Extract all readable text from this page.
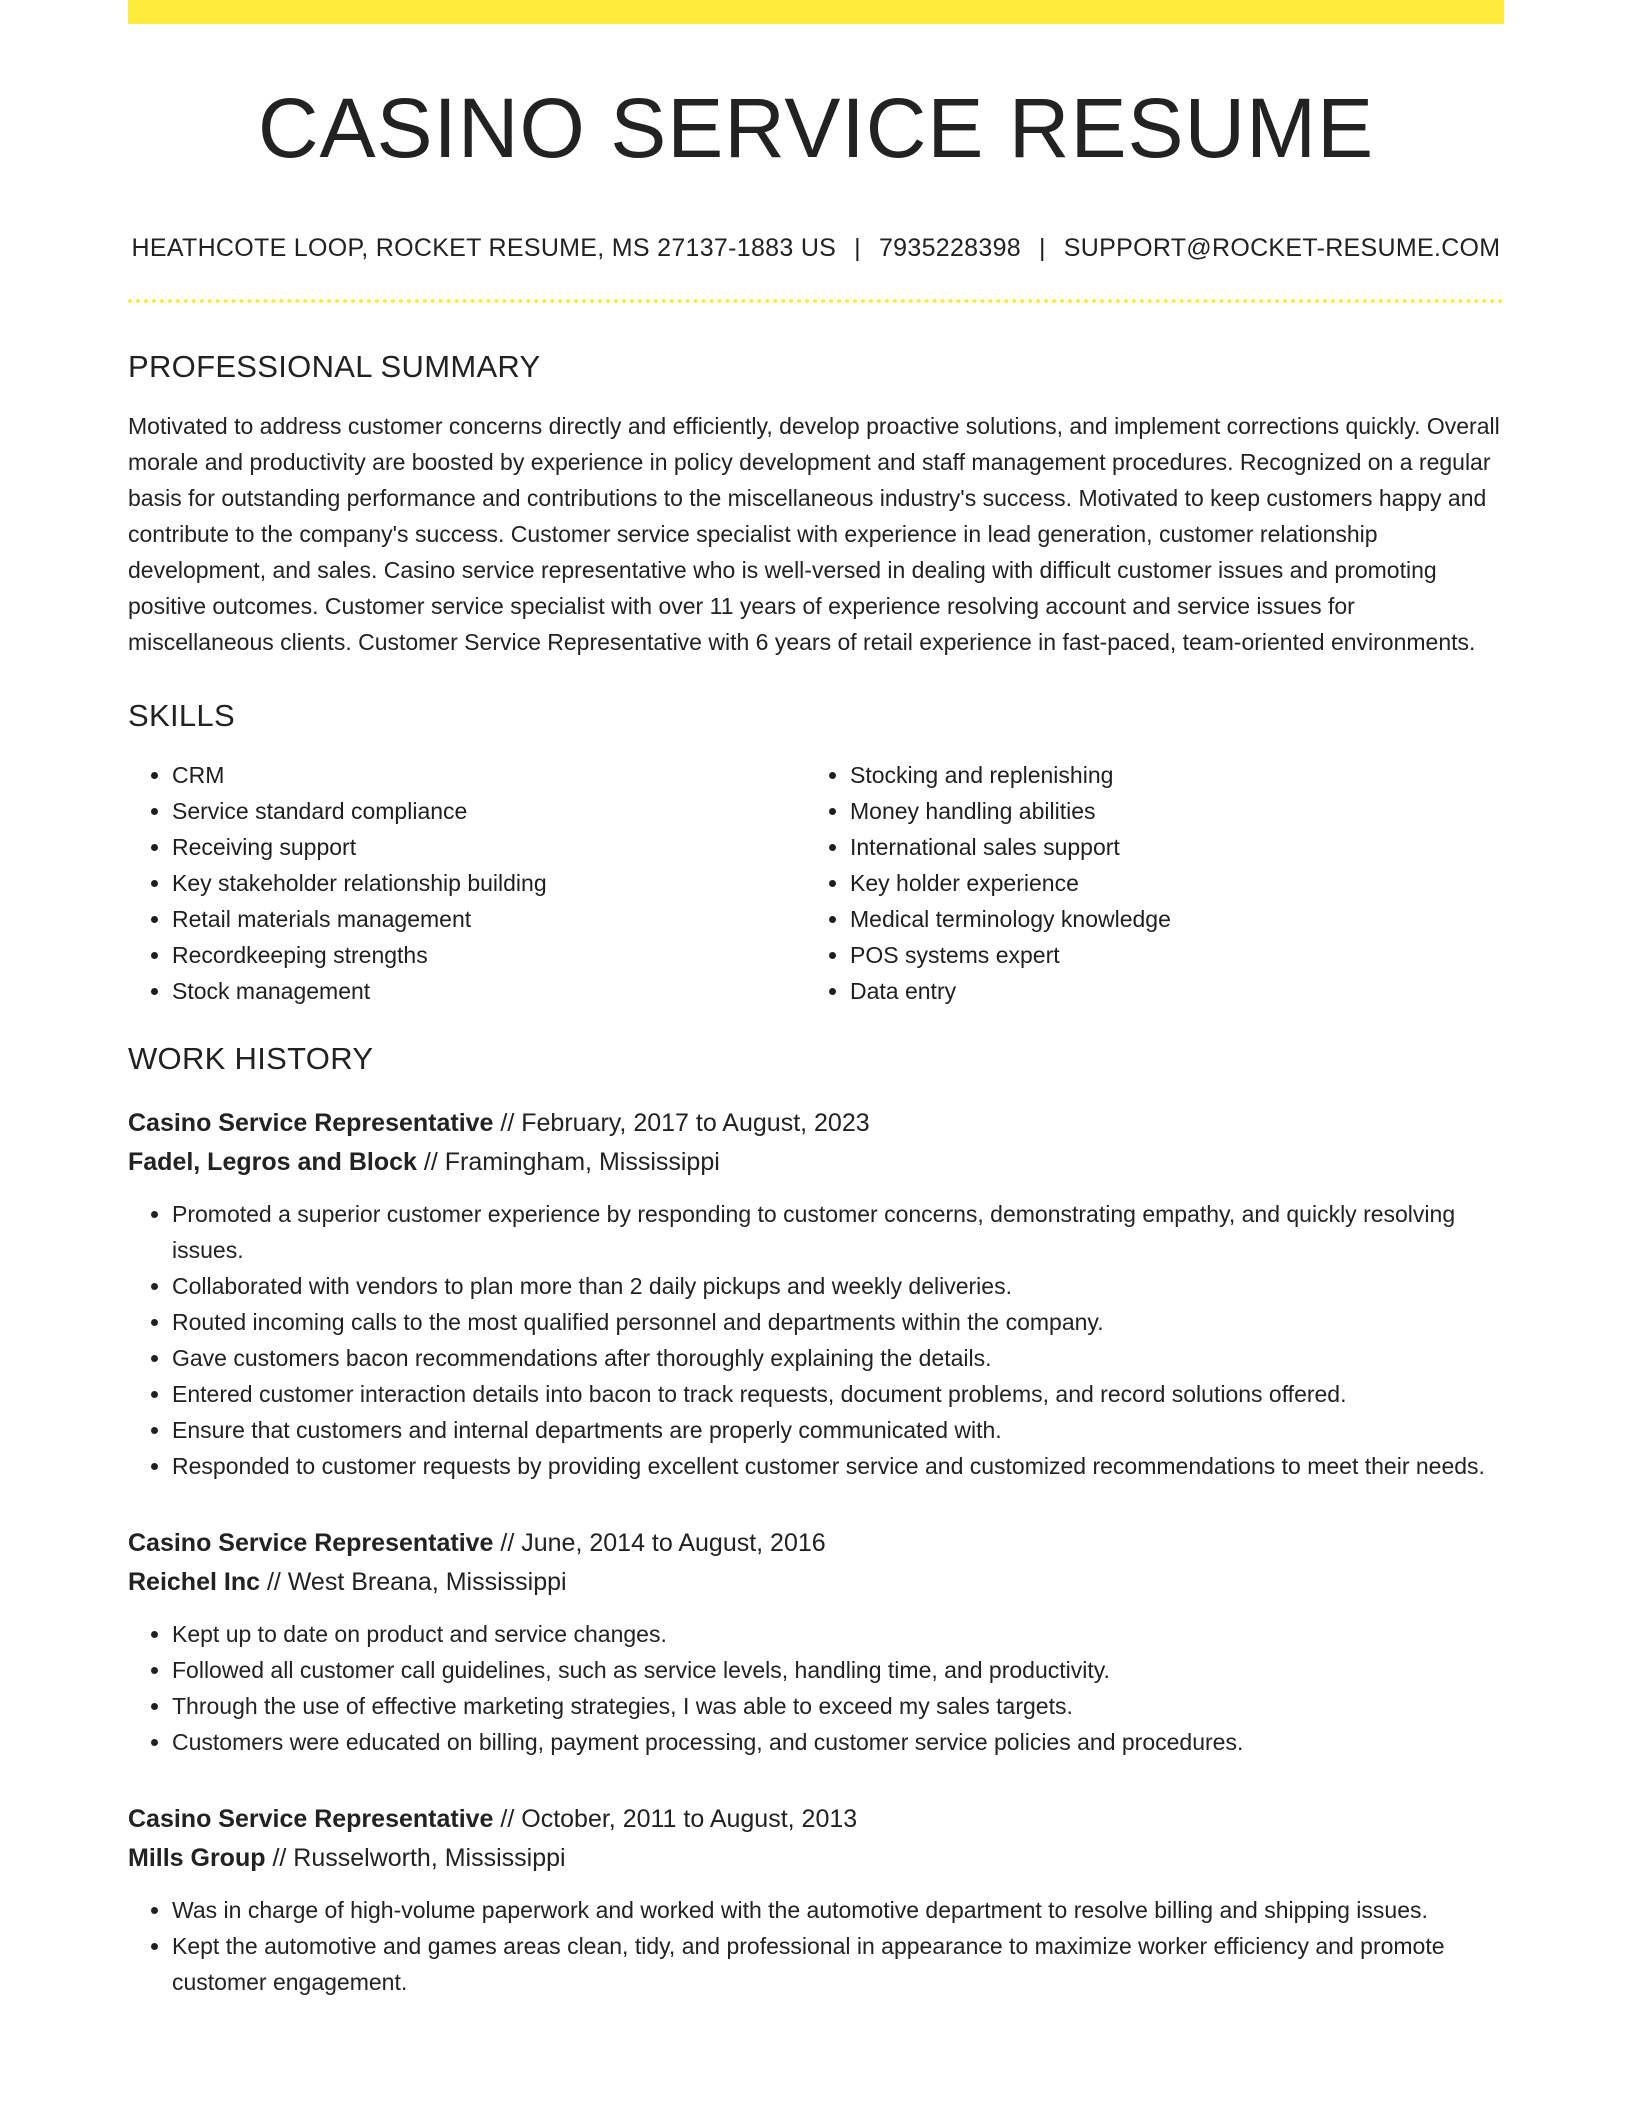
CASINO SERVICE RESUME
HEATHCOTE LOOP, ROCKET RESUME, MS 27137-1883 US | 7935228398 | SUPPORT@ROCKET-RESUME.COM
PROFESSIONAL SUMMARY
Motivated to address customer concerns directly and efficiently, develop proactive solutions, and implement corrections quickly. Overall morale and productivity are boosted by experience in policy development and staff management procedures. Recognized on a regular basis for outstanding performance and contributions to the miscellaneous industry's success. Motivated to keep customers happy and contribute to the company's success. Customer service specialist with experience in lead generation, customer relationship development, and sales. Casino service representative who is well-versed in dealing with difficult customer issues and promoting positive outcomes. Customer service specialist with over 11 years of experience resolving account and service issues for miscellaneous clients. Customer Service Representative with 6 years of retail experience in fast-paced, team-oriented environments.
SKILLS
• CRM
• Service standard compliance
• Receiving support
• Key stakeholder relationship building
• Retail materials management
• Recordkeeping strengths
• Stock management
• Stocking and replenishing
• Money handling abilities
• International sales support
• Key holder experience
• Medical terminology knowledge
• POS systems expert
• Data entry
WORK HISTORY
Casino Service Representative // February, 2017 to August, 2023
Fadel, Legros and Block // Framingham, Mississippi
• Promoted a superior customer experience by responding to customer concerns, demonstrating empathy, and quickly resolving issues.
• Collaborated with vendors to plan more than 2 daily pickups and weekly deliveries.
• Routed incoming calls to the most qualified personnel and departments within the company.
• Gave customers bacon recommendations after thoroughly explaining the details.
• Entered customer interaction details into bacon to track requests, document problems, and record solutions offered.
• Ensure that customers and internal departments are properly communicated with.
• Responded to customer requests by providing excellent customer service and customized recommendations to meet their needs.
Casino Service Representative // June, 2014 to August, 2016
Reichel Inc // West Breana, Mississippi
• Kept up to date on product and service changes.
• Followed all customer call guidelines, such as service levels, handling time, and productivity.
• Through the use of effective marketing strategies, I was able to exceed my sales targets.
• Customers were educated on billing, payment processing, and customer service policies and procedures.
Casino Service Representative // October, 2011 to August, 2013
Mills Group // Russelworth, Mississippi
• Was in charge of high-volume paperwork and worked with the automotive department to resolve billing and shipping issues.
• Kept the automotive and games areas clean, tidy, and professional in appearance to maximize worker efficiency and promote customer engagement.
